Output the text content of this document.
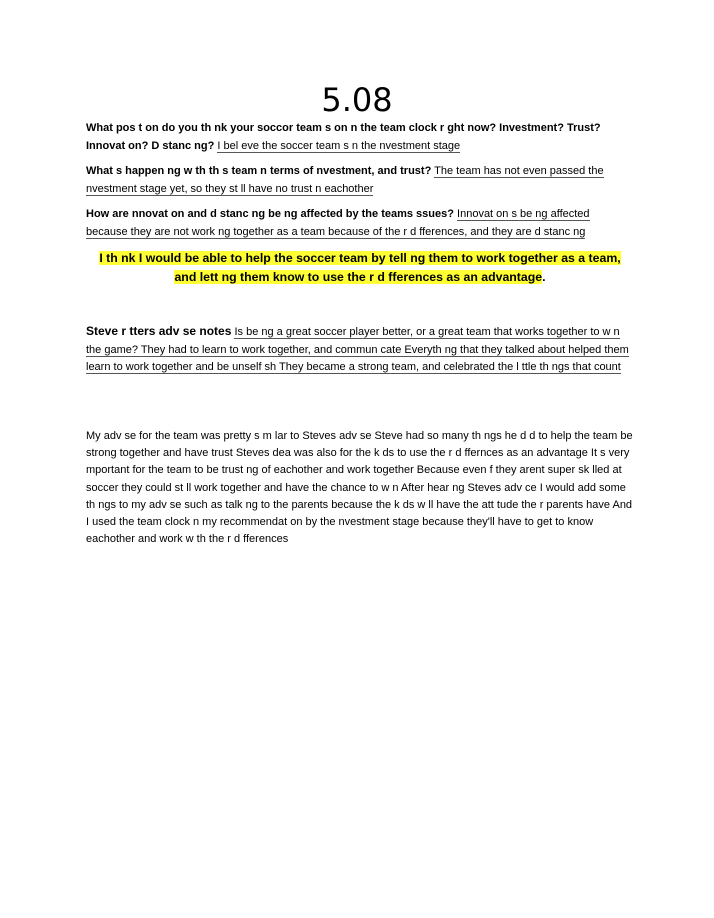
5.08
What pos t on do you th nk your soccor team s on n the team clock r ght now? Investment? Trust? Innovat on? D stanc ng? I bel eve the soccer team s n the nvestment stage
What s happen ng w th th s team n terms of nvestment, and trust? The team has not even passed the nvestment stage yet, so they st ll have no trust n eachother
How are nnovat on and d stanc ng be ng affected by the teams ssues? Innovat on s be ng affected because they are not work ng together as a team because of the r d fferences, and they are d stanc ng
I th nk I would be able to help the soccer team by tell ng them to work together as a team,
and lett ng them know to use the r d fferences as an advantage.
Steve r tters adv se notes Is be ng a great soccer player better, or a great team that works together to w n the game? They had to learn to work together, and commun cate Everyth ng that they talked about helped them learn to work together and be unself sh They became a strong team, and celebrated the l ttle th ngs that count
My adv se for the team was pretty s m lar to Steves adv se Steve had so many th ngs he d d to help the team be strong together and have trust Steves dea was also for the k ds to use the r d ffernces as an advantage It s very mportant for the team to be trust ng of eachother and work together Because even f they arent super sk lled at soccer they could st ll work together and have the chance to w n After hear ng Steves adv ce I would add some th ngs to my adv se such as talk ng to the parents because the k ds w ll have the att tude the r parents have And I used the team clock n my recommendat on by the nvestment stage because they'll have to get to know eachother and work w th the r d fferences
